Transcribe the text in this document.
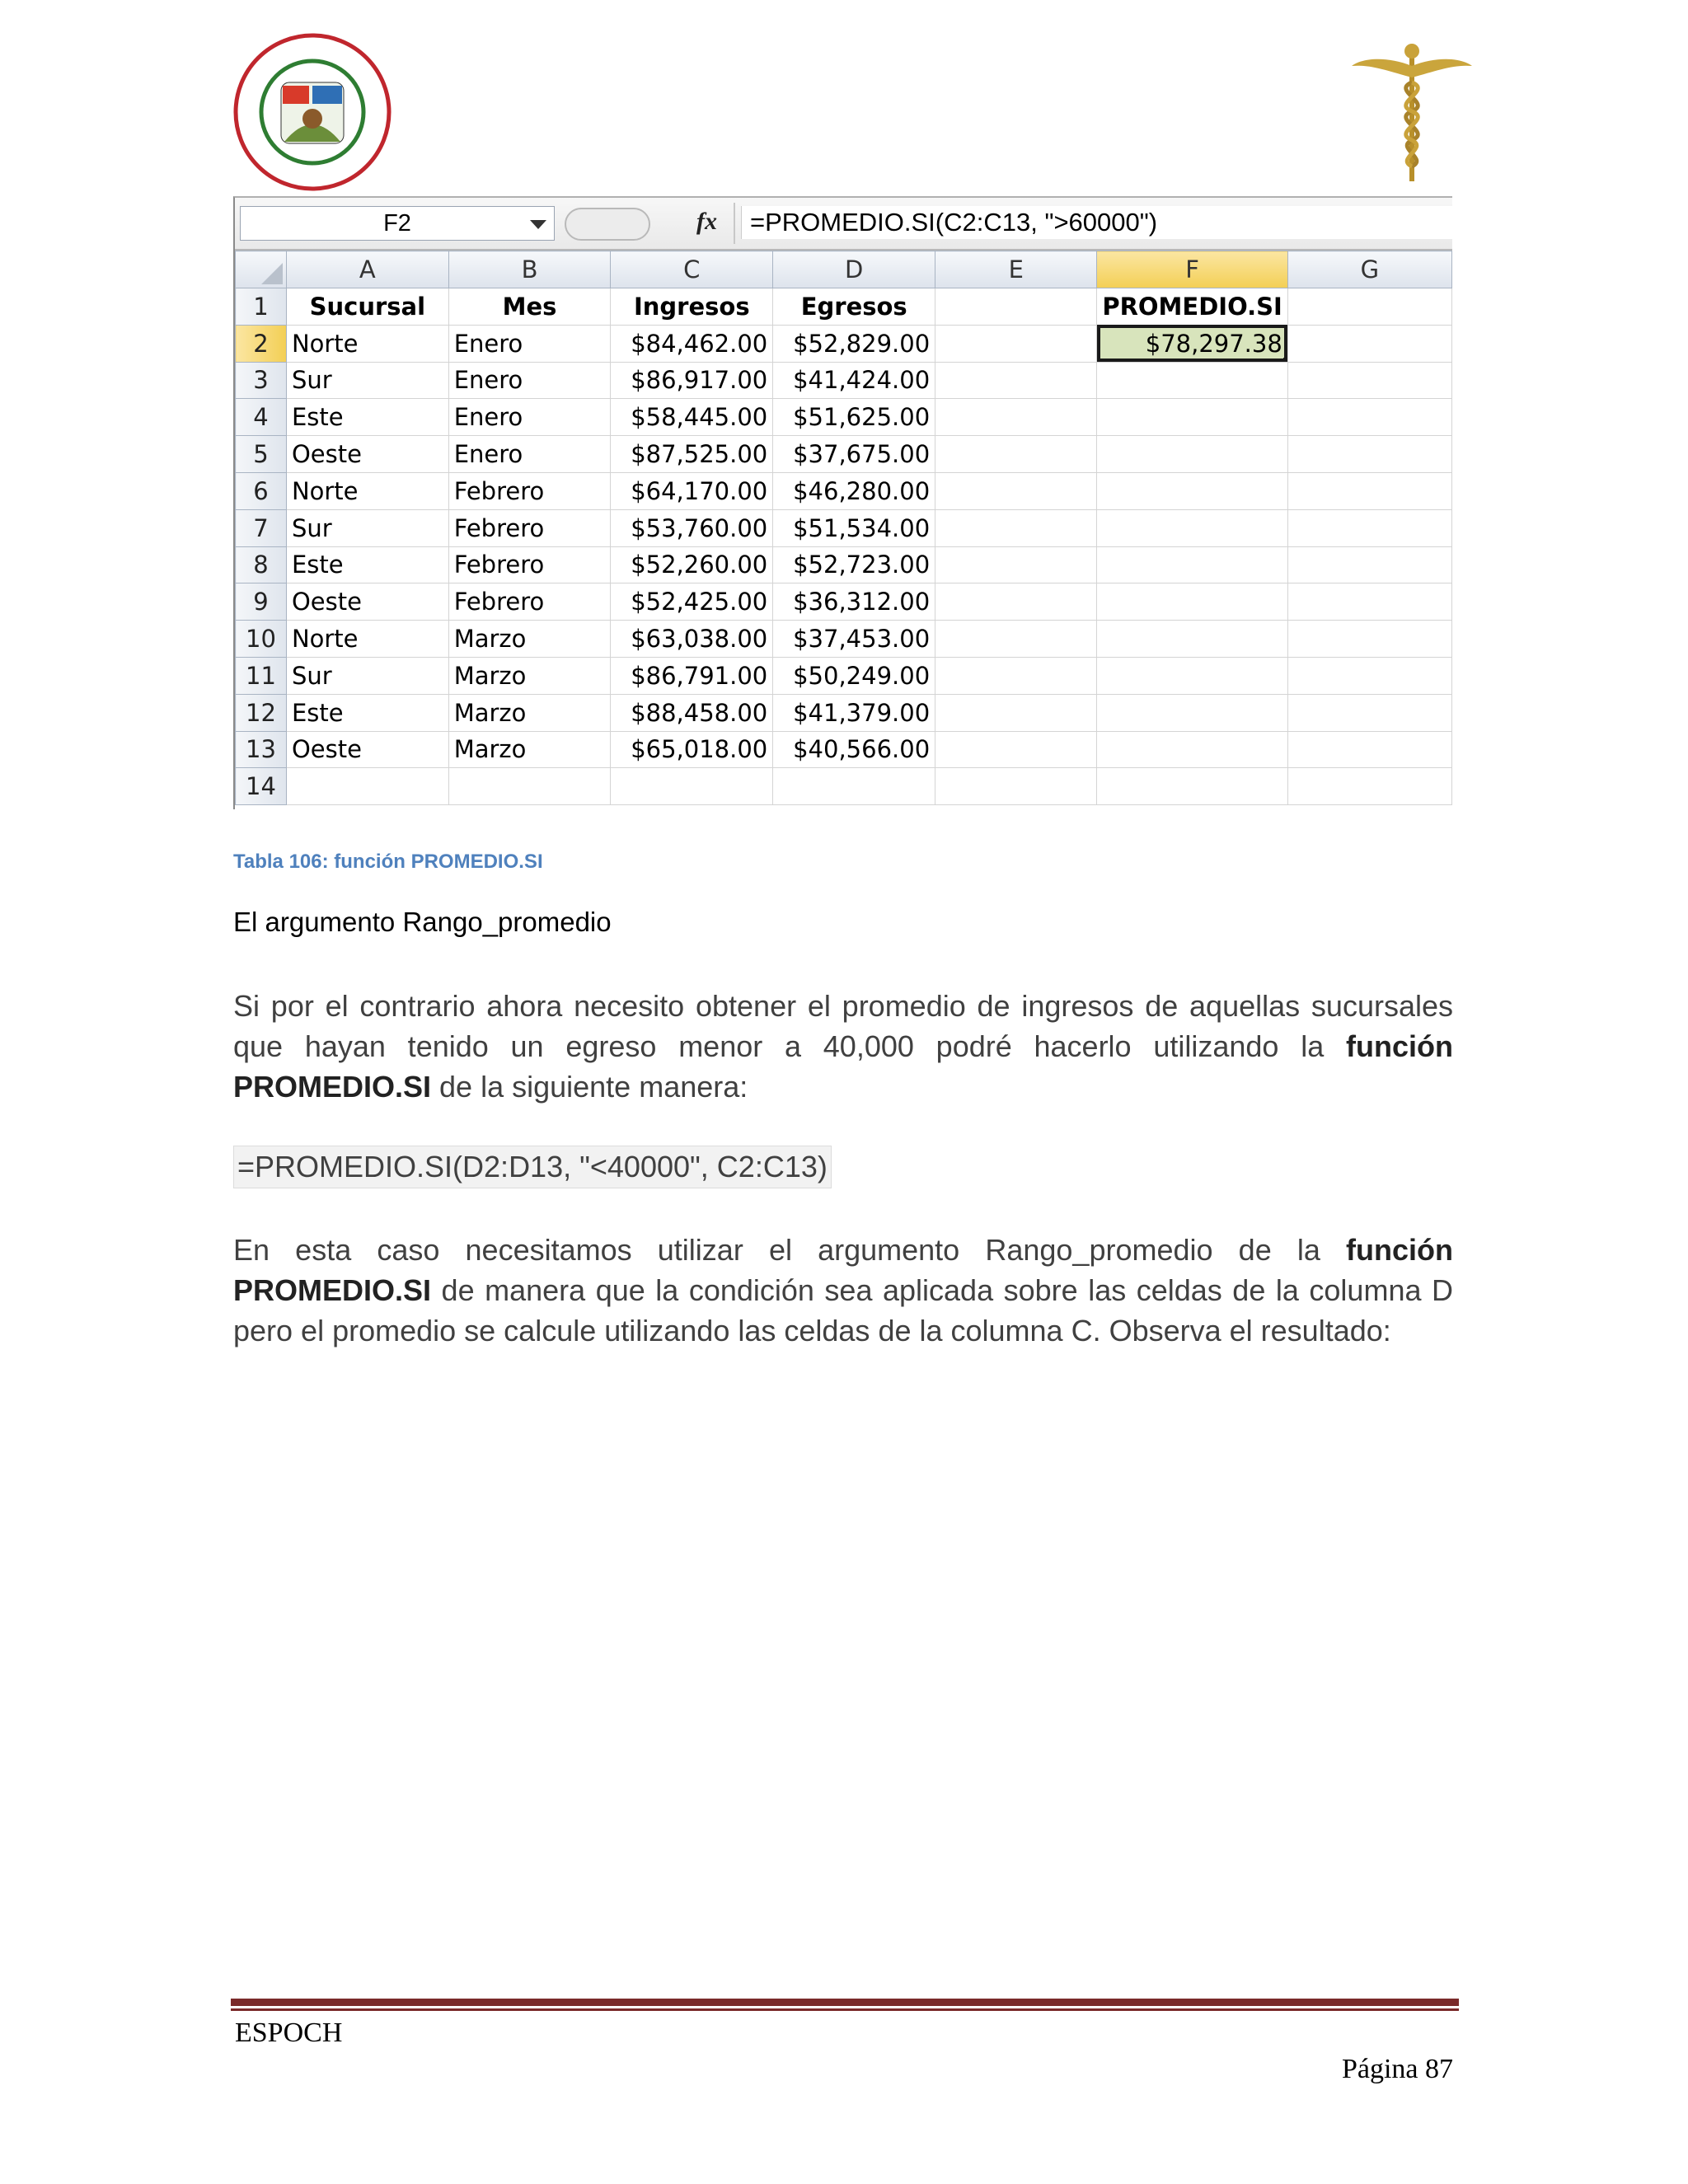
F2	fx	=PROMEDIO.SI(C2:C13, ">60000")
	A	B	C	D	E	F	G
1	Sucursal	Mes	Ingresos	Egresos		PROMEDIO.SI	
2	Norte	Enero	$84,462.00	$52,829.00		$78,297.38

3	Sur	Enero	$86,917.00	$41,424.00			
4	Este	Enero	$58,445.00	$51,625.00			
5	Oeste	Enero	$87,525.00	$37,675.00			
6	Norte	Febrero	$64,170.00	$46,280.00			
7	Sur	Febrero	$53,760.00	$51,534.00			
8	Este	Febrero	$52,260.00	$52,723.00			
9	Oeste	Febrero	$52,425.00	$36,312.00			
10	Norte	Marzo	$63,038.00	$37,453.00			
11	Sur	Marzo	$86,791.00	$50,249.00			
12	Este	Marzo	$88,458.00	$41,379.00			
13	Oeste	Marzo	$65,018.00	$40,566.00			
14							
Tabla 106: función PROMEDIO.SI
El argumento Rango_promedio
Si por el contrario ahora necesito obtener el promedio de ingresos de aquellas sucursales que hayan tenido un egreso menor a 40,000 podré hacerlo utilizando la función PROMEDIO.SI de la siguiente manera:
=PROMEDIO.SI(D2:D13, "<40000", C2:C13)
En esta caso necesitamos utilizar el argumento Rango_promedio de la función PROMEDIO.SI de manera que la condición sea aplicada sobre las celdas de la columna D pero el promedio se calcule utilizando las celdas de la columna C. Observa el resultado:
ESPOCH
Página 87
